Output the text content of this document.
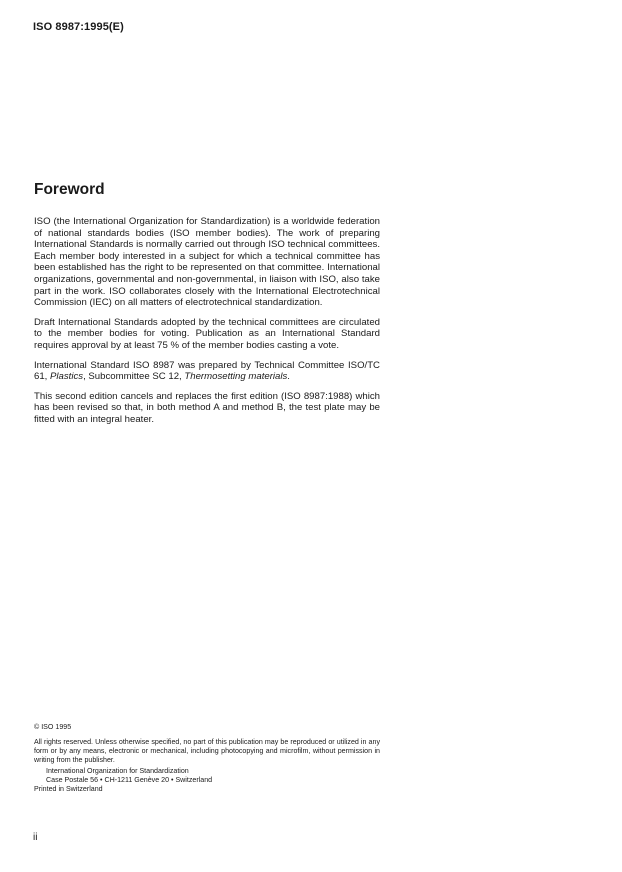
ISO 8987:1995(E)
Foreword

ISO (the International Organization for Standardization) is a worldwide federation of national standards bodies (ISO member bodies). The work of preparing International Standards is normally carried out through ISO technical committees. Each member body interested in a subject for which a technical committee has been established has the right to be represented on that committee. International organizations, governmental and non-governmental, in liaison with ISO, also take part in the work. ISO collaborates closely with the International Electrotechnical Commission (IEC) on all matters of electrotechnical standardization.

Draft International Standards adopted by the technical committees are circulated to the member bodies for voting. Publication as an International Standard requires approval by at least 75 % of the member bodies casting a vote.

International Standard ISO 8987 was prepared by Technical Committee ISO/TC 61, Plastics, Subcommittee SC 12, Thermosetting materials.

This second edition cancels and replaces the first edition (ISO 8987:1988) which has been revised so that, in both method A and method B, the test plate may be fitted with an integral heater.

© ISO 1995

All rights reserved. Unless otherwise specified, no part of this publication may be reproduced or utilized in any form or by any means, electronic or mechanical, including photocopying and microfilm, without permission in writing from the publisher.

International Organization for Standardization

Case Postale 56 • CH-1211 Genève 20 • Switzerland

Printed in Switzerland

ii
